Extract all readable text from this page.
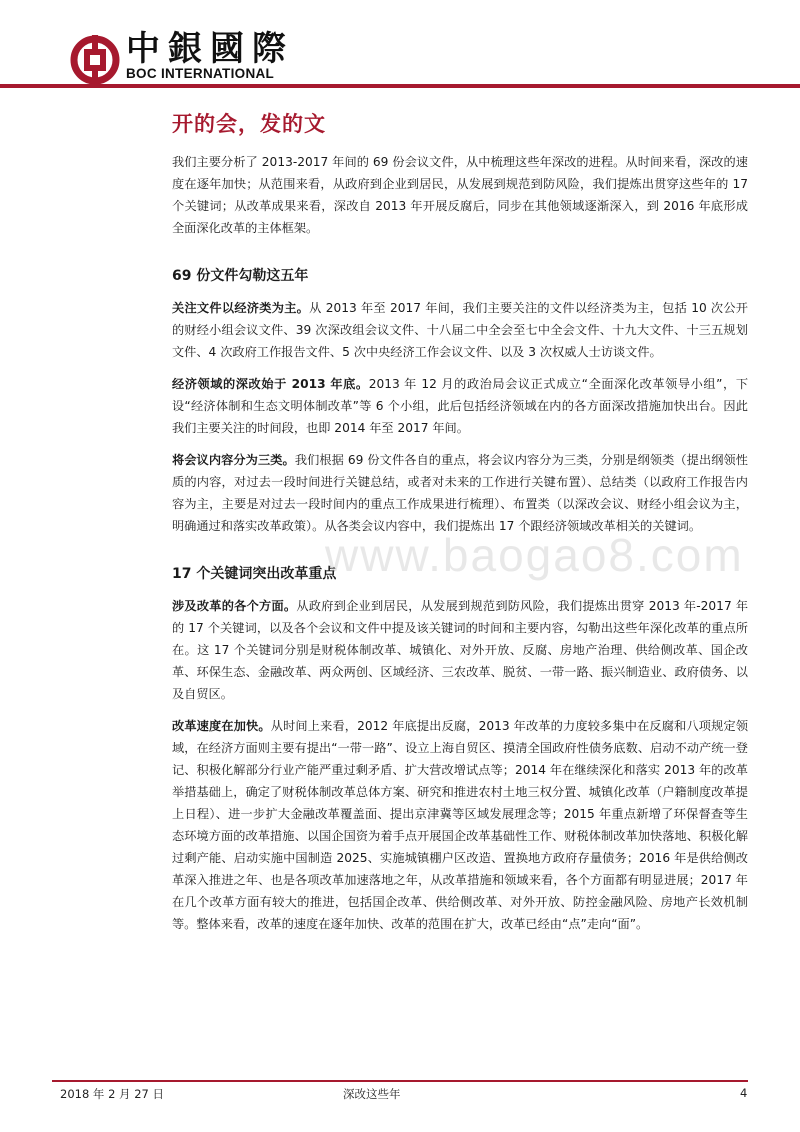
中銀國際
BOC INTERNATIONAL
开的会，发的文

我们主要分析了 2013-2017 年间的 69 份会议文件，从中梳理这些年深改的进程。从时间来看，深改的速度在逐年加快；从范围来看，从政府到企业到居民，从发展到规范到防风险，我们提炼出贯穿这些年的 17 个关键词；从改革成果来看，深改自 2013 年开展反腐后，同步在其他领域逐渐深入，到 2016 年底形成全面深化改革的主体框架。

69 份文件勾勒这五年

关注文件以经济类为主。从 2013 年至 2017 年间，我们主要关注的文件以经济类为主，包括 10 次公开的财经小组会议文件、39 次深改组会议文件、十八届二中全会至七中全会文件、十九大文件、十三五规划文件、4 次政府工作报告文件、5 次中央经济工作会议文件、以及 3 次权威人士访谈文件。

经济领域的深改始于 2013 年底。2013 年 12 月的政治局会议正式成立“全面深化改革领导小组”，下设“经济体制和生态文明体制改革”等 6 个小组，此后包括经济领域在内的各方面深改措施加快出台。因此我们主要关注的时间段，也即 2014 年至 2017 年间。

将会议内容分为三类。我们根据 69 份文件各自的重点，将会议内容分为三类，分别是纲领类（提出纲领性质的内容，对过去一段时间进行关键总结，或者对未来的工作进行关键布置）、总结类（以政府工作报告内容为主，主要是对过去一段时间内的重点工作成果进行梳理）、布置类（以深改会议、财经小组会议为主，明确通过和落实改革政策）。从各类会议内容中，我们提炼出 17 个跟经济领域改革相关的关键词。

17 个关键词突出改革重点

涉及改革的各个方面。从政府到企业到居民，从发展到规范到防风险，我们提炼出贯穿 2013 年-2017 年的 17 个关键词，以及各个会议和文件中提及该关键词的时间和主要内容，勾勒出这些年深化改革的重点所在。这 17 个关键词分别是财税体制改革、城镇化、对外开放、反腐、房地产治理、供给侧改革、国企改革、环保生态、金融改革、两众两创、区域经济、三农改革、脱贫、一带一路、振兴制造业、政府债务、以及自贸区。

改革速度在加快。从时间上来看，2012 年底提出反腐，2013 年改革的力度较多集中在反腐和八项规定领域，在经济方面则主要有提出“一带一路”、设立上海自贸区、摸清全国政府性债务底数、启动不动产统一登记、积极化解部分行业产能严重过剩矛盾、扩大营改增试点等；2014 年在继续深化和落实 2013 年的改革举措基础上，确定了财税体制改革总体方案、研究和推进农村土地三权分置、城镇化改革（户籍制度改革提上日程）、进一步扩大金融改革覆盖面、提出京津冀等区域发展理念等；2015 年重点新增了环保督查等生态环境方面的改革措施、以国企国资为着手点开展国企改革基础性工作、财税体制改革加快落地、积极化解过剩产能、启动实施中国制造 2025、实施城镇棚户区改造、置换地方政府存量债务；2016 年是供给侧改革深入推进之年、也是各项改革加速落地之年，从改革措施和领域来看，各个方面都有明显进展；2017 年在几个改革方面有较大的推进，包括国企改革、供给侧改革、对外开放、防控金融风险、房地产长效机制等。整体来看，改革的速度在逐年加快、改革的范围在扩大，改革已经由“点”走向“面”。

www.baogao8.com
2018 年 2 月 27 日	深改这些年	4
